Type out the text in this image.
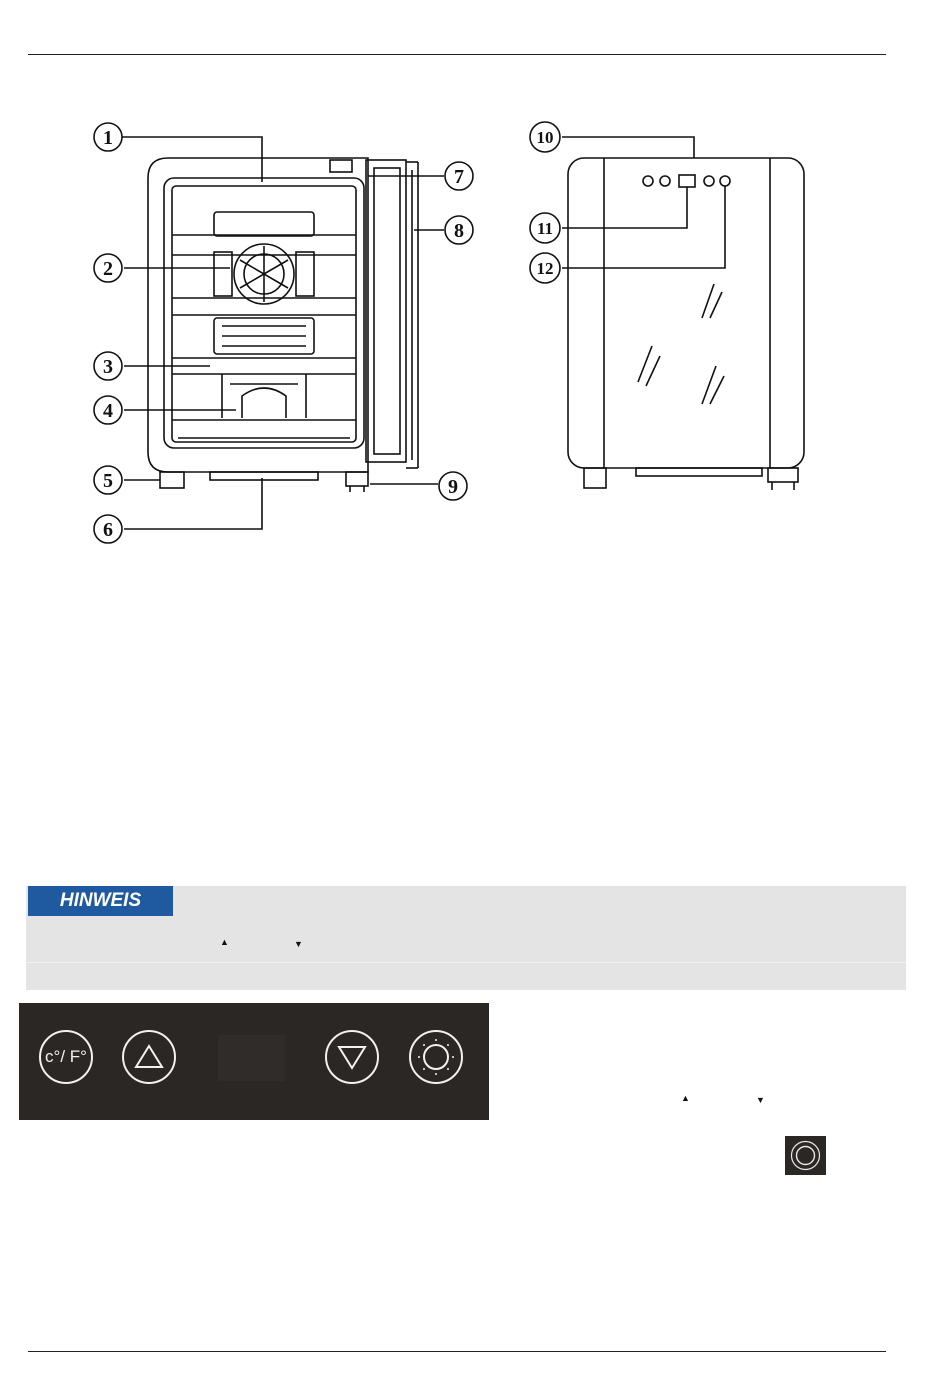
1
2
3
4
5
6
7
8
9
10
11
12
HINWEIS
▲	▼
c°/ F°
▲	▼
